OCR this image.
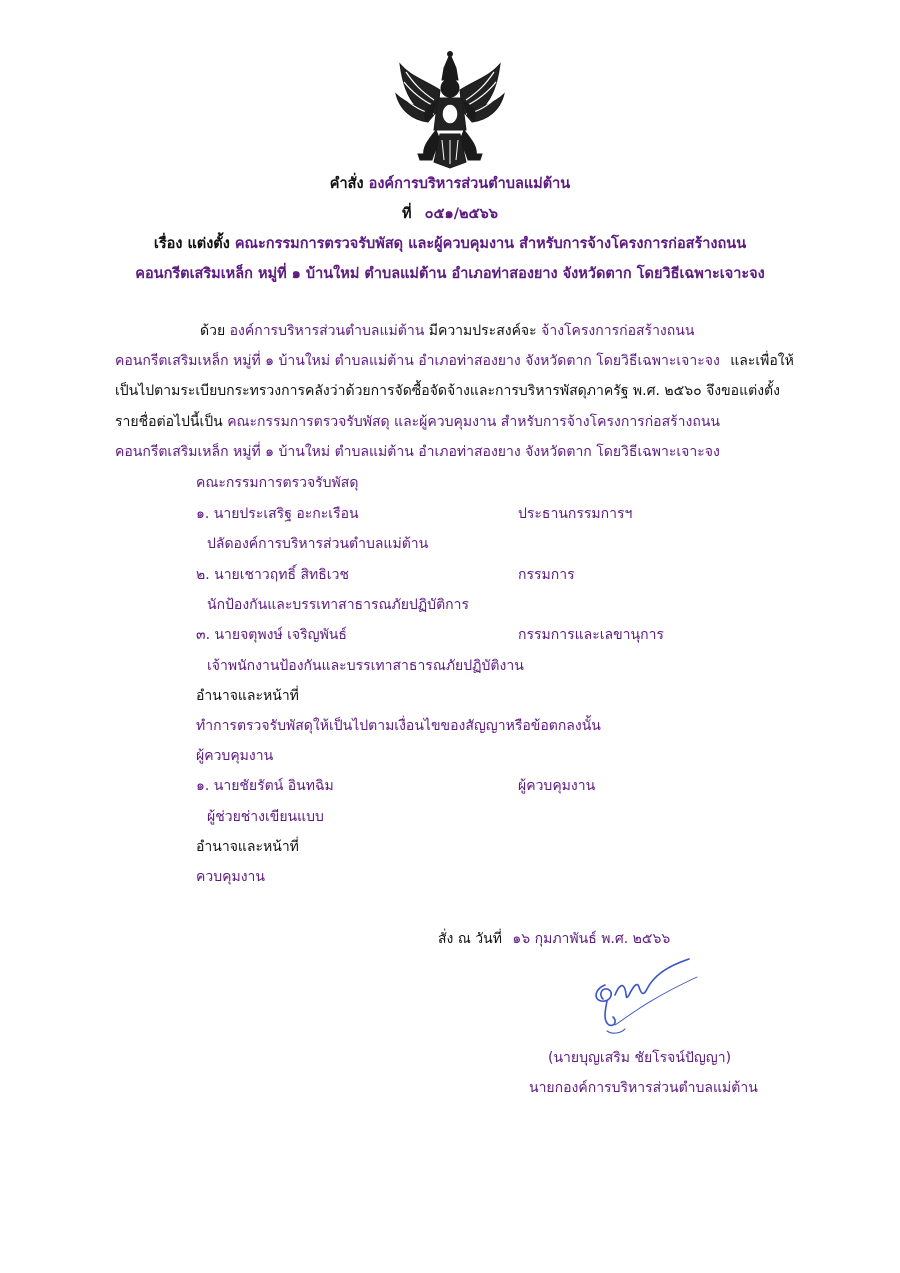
คำสั่ง องค์การบริหารส่วนตำบลแม่ต้าน
ที่ ๐๕๑/๒๕๖๖
เรื่อง แต่งตั้ง คณะกรรมการตรวจรับพัสดุ และผู้ควบคุมงาน สำหรับการจ้างโครงการก่อสร้างถนน
คอนกรีตเสริมเหล็ก หมู่ที่ ๑ บ้านใหม่ ตำบลแม่ต้าน อำเภอท่าสองยาง จังหวัดตาก โดยวิธีเฉพาะเจาะจง
ด้วย องค์การบริหารส่วนตำบลแม่ต้าน มีความประสงค์จะ จ้างโครงการก่อสร้างถนน
คอนกรีตเสริมเหล็ก หมู่ที่ ๑ บ้านใหม่ ตำบลแม่ต้าน อำเภอท่าสองยาง จังหวัดตาก โดยวิธีเฉพาะเจาะจง และเพื่อให้
เป็นไปตามระเบียบกระทรวงการคลังว่าด้วยการจัดซื้อจัดจ้างและการบริหารพัสดุภาครัฐ พ.ศ. ๒๕๖๐ จึงขอแต่งตั้ง
รายชื่อต่อไปนี้เป็น คณะกรรมการตรวจรับพัสดุ และผู้ควบคุมงาน สำหรับการจ้างโครงการก่อสร้างถนน
คอนกรีตเสริมเหล็ก หมู่ที่ ๑ บ้านใหม่ ตำบลแม่ต้าน อำเภอท่าสองยาง จังหวัดตาก โดยวิธีเฉพาะเจาะจง
คณะกรรมการตรวจรับพัสดุ
๑. นายประเสริฐ อะกะเรือน	ประธานกรรมการฯ
ปลัดองค์การบริหารส่วนตำบลแม่ต้าน
๒. นายเชาวฤทธิ์ สิทธิเวช	กรรมการ
นักป้องกันและบรรเทาสาธารณภัยปฏิบัติการ
๓. นายจตุพงษ์ เจริญพันธ์	กรรมการและเลขานุการ
เจ้าพนักงานป้องกันและบรรเทาสาธารณภัยปฏิบัติงาน
อำนาจและหน้าที่
ทำการตรวจรับพัสดุให้เป็นไปตามเงื่อนไขของสัญญาหรือข้อตกลงนั้น
ผู้ควบคุมงาน
๑. นายชัยรัตน์ อินทฉิม	ผู้ควบคุมงาน
ผู้ช่วยช่างเขียนแบบ
อำนาจและหน้าที่
ควบคุมงาน
สั่ง ณ วันที่ ๑๖ กุมภาพันธ์ พ.ศ. ๒๕๖๖
(นายบุญเสริม ชัยโรจน์ปัญญา)
นายกองค์การบริหารส่วนตำบลแม่ต้าน
